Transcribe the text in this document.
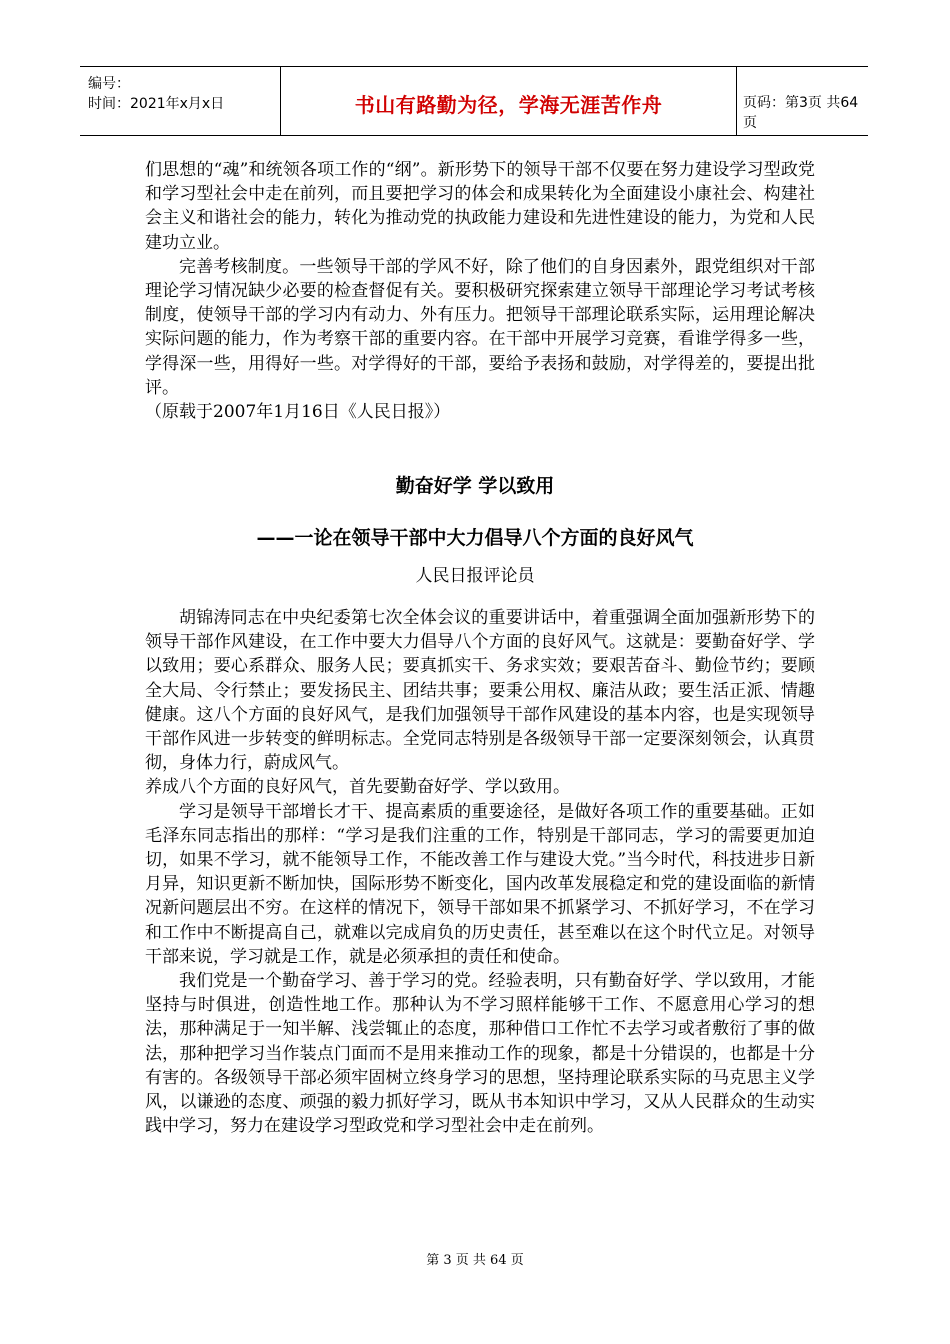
编号：
时间：2021年x月x日	书山有路勤为径，学海无涯苦作舟	页码：第3页 共64页

们思想的“魂”和统领各项工作的“纲”。新形势下的领导干部不仅要在努力建设学习型政党和学习型社会中走在前列，而且要把学习的体会和成果转化为全面建设小康社会、构建社会主义和谐社会的能力，转化为推动党的执政能力建设和先进性建设的能力，为党和人民建功立业。

完善考核制度。一些领导干部的学风不好，除了他们的自身因素外，跟党组织对干部理论学习情况缺少必要的检查督促有关。要积极研究探索建立领导干部理论学习考试考核制度，使领导干部的学习内有动力、外有压力。把领导干部理论联系实际，运用理论解决实际问题的能力，作为考察干部的重要内容。在干部中开展学习竞赛，看谁学得多一些，学得深一些，用得好一些。对学得好的干部，要给予表扬和鼓励，对学得差的，要提出批评。

（原载于2007年1月16日《人民日报》）

勤奋好学 学以致用
——一论在领导干部中大力倡导八个方面的良好风气
人民日报评论员

胡锦涛同志在中央纪委第七次全体会议的重要讲话中，着重强调全面加强新形势下的领导干部作风建设，在工作中要大力倡导八个方面的良好风气。这就是：要勤奋好学、学以致用；要心系群众、服务人民；要真抓实干、务求实效；要艰苦奋斗、勤俭节约；要顾全大局、令行禁止；要发扬民主、团结共事；要秉公用权、廉洁从政；要生活正派、情趣健康。这八个方面的良好风气，是我们加强领导干部作风建设的基本内容，也是实现领导干部作风进一步转变的鲜明标志。全党同志特别是各级领导干部一定要深刻领会，认真贯彻，身体力行，蔚成风气。

养成八个方面的良好风气，首先要勤奋好学、学以致用。

学习是领导干部增长才干、提高素质的重要途径，是做好各项工作的重要基础。正如毛泽东同志指出的那样：“学习是我们注重的工作，特别是干部同志，学习的需要更加迫切，如果不学习，就不能领导工作，不能改善工作与建设大党。”当今时代，科技进步日新月异，知识更新不断加快，国际形势不断变化，国内改革发展稳定和党的建设面临的新情况新问题层出不穷。在这样的情况下，领导干部如果不抓紧学习、不抓好学习，不在学习和工作中不断提高自己，就难以完成肩负的历史责任，甚至难以在这个时代立足。对领导干部来说，学习就是工作，就是必须承担的责任和使命。

我们党是一个勤奋学习、善于学习的党。经验表明，只有勤奋好学、学以致用，才能坚持与时俱进，创造性地工作。那种认为不学习照样能够干工作、不愿意用心学习的想法，那种满足于一知半解、浅尝辄止的态度，那种借口工作忙不去学习或者敷衍了事的做法，那种把学习当作装点门面而不是用来推动工作的现象，都是十分错误的，也都是十分有害的。各级领导干部必须牢固树立终身学习的思想，坚持理论联系实际的马克思主义学风，以谦逊的态度、顽强的毅力抓好学习，既从书本知识中学习，又从人民群众的生动实践中学习，努力在建设学习型政党和学习型社会中走在前列。

第 3 页 共 64 页
